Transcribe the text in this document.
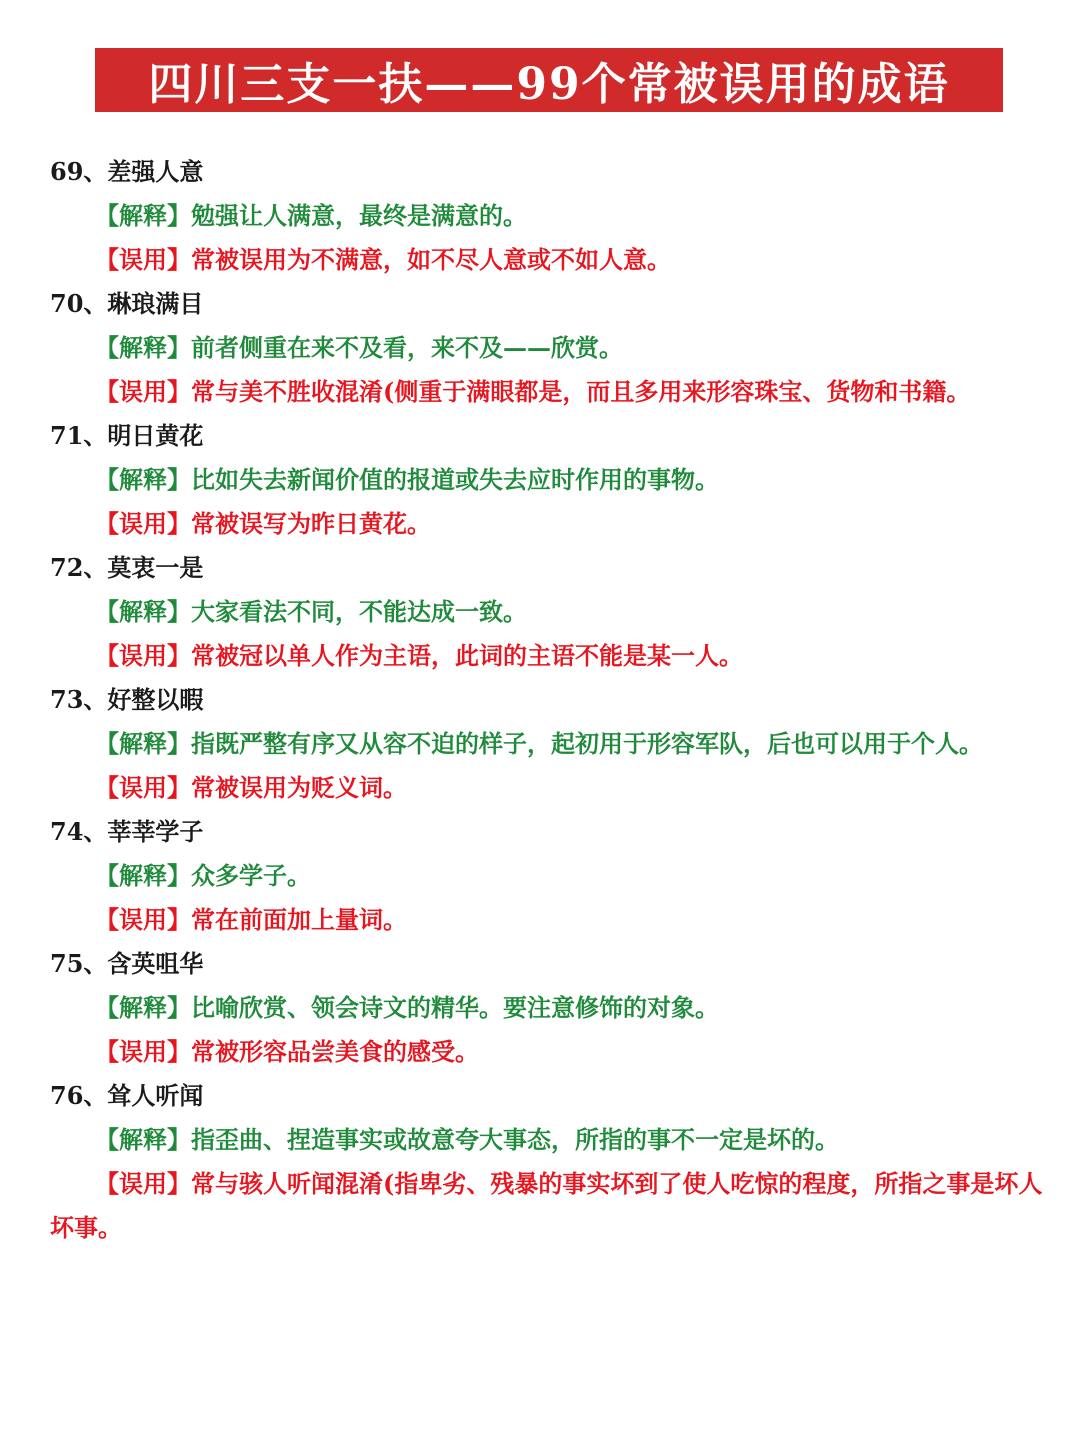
四川三支一扶——99个常被误用的成语
69、差强人意

【解释】勉强让人满意，最终是满意的。

【误用】常被误用为不满意，如不尽人意或不如人意。

70、琳琅满目

【解释】前者侧重在来不及看，来不及——欣赏。

【误用】常与美不胜收混淆(侧重于满眼都是，而且多用来形容珠宝、货物和书籍。

71、明日黄花

【解释】比如失去新闻价值的报道或失去应时作用的事物。

【误用】常被误写为昨日黄花。

72、莫衷一是

【解释】大家看法不同，不能达成一致。

【误用】常被冠以单人作为主语，此词的主语不能是某一人。

73、好整以暇

【解释】指既严整有序又从容不迫的样子，起初用于形容军队，后也可以用于个人。

【误用】常被误用为贬义词。

74、莘莘学子

【解释】众多学子。

【误用】常在前面加上量词。

75、含英咀华

【解释】比喻欣赏、领会诗文的精华。要注意修饰的对象。

【误用】常被形容品尝美食的感受。

76、耸人听闻

【解释】指歪曲、捏造事实或故意夸大事态，所指的事不一定是坏的。

【误用】常与骇人听闻混淆(指卑劣、残暴的事实坏到了使人吃惊的程度，所指之事是坏人坏事。
